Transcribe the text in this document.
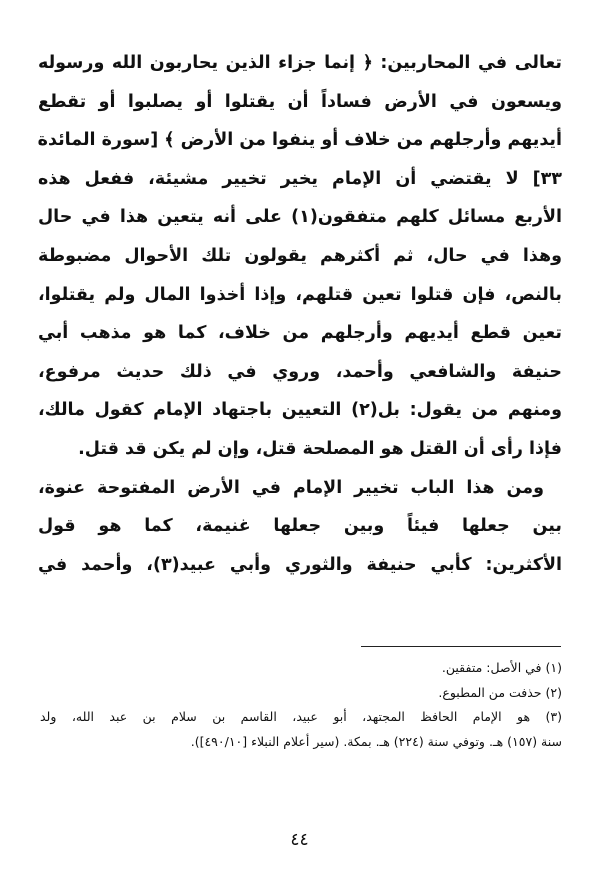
تعالى في المحاربين: ﴿ إنما جزاء الذين يحاربون الله ورسوله
ويسعون في الأرض فساداً أن يقتلوا أو يصلبوا أو تقطع
أيديهم وأرجلهم من خلاف أو ينفوا من الأرض ﴾ [سورة المائدة
٣٣] لا يقتضي أن الإمام يخير تخيير مشيئة، ففعل هذه
الأربع مسائل كلهم متفقون(١) على أنه يتعين هذا في حال
وهذا في حال، ثم أكثرهم يقولون تلك الأحوال مضبوطة
بالنص، فإن قتلوا تعين قتلهم، وإذا أخذوا المال ولم يقتلوا،
تعين قطع أيديهم وأرجلهم من خلاف، كما هو مذهب أبي
حنيفة والشافعي وأحمد، وروي في ذلك حديث مرفوع،
ومنهم من يقول: بل(٢) التعيين باجتهاد الإمام كقول مالك،
فإذا رأى أن القتل هو المصلحة قتل، وإن لم يكن قد قتل.
ومن هذا الباب تخيير الإمام في الأرض المفتوحة عنوة،
بين جعلها فيئاً وبين جعلها غنيمة، كما هو قول
الأكثرين: كأبي حنيفة والثوري وأبي عبيد(٣)، وأحمد في
(١) في الأصل: متفقين.
(٢) حذفت من المطبوع.
(٣) هو الإمام الحافظ المجتهد، أبو عبيد، القاسم بن سلام بن عبد الله، ولد
سنة (١٥٧) هـ. وتوفي سنة (٢٢٤) هـ. بمكة. (سير أعلام النبلاء [٤٩٠/١٠]).
٤٤
